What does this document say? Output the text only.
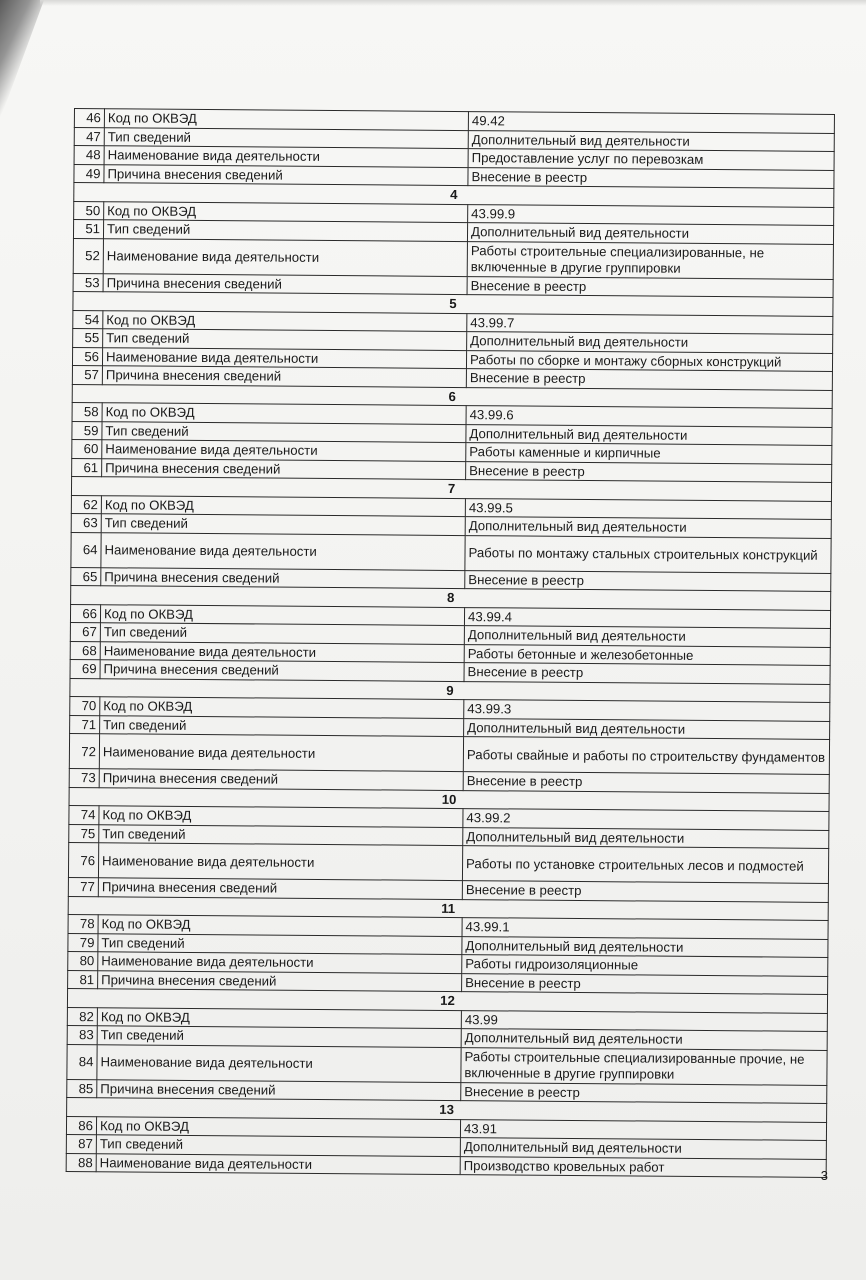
46	Код по ОКВЭД	49.42
47	Тип сведений	Дополнительный вид деятельности
48	Наименование вида деятельности	Предоставление услуг по перевозкам
49	Причина внесения сведений	Внесение в реестр
4		
50	Код по ОКВЭД	43.99.9
51	Тип сведений	Дополнительный вид деятельности
52	Наименование вида деятельности	Работы строительные специализированные, не включенные в другие группировки
53	Причина внесения сведений	Внесение в реестр
5		
54	Код по ОКВЭД	43.99.7
55	Тип сведений	Дополнительный вид деятельности
56	Наименование вида деятельности	Работы по сборке и монтажу сборных конструкций
57	Причина внесения сведений	Внесение в реестр
6		
58	Код по ОКВЭД	43.99.6
59	Тип сведений	Дополнительный вид деятельности
60	Наименование вида деятельности	Работы каменные и кирпичные
61	Причина внесения сведений	Внесение в реестр
7		
62	Код по ОКВЭД	43.99.5
63	Тип сведений	Дополнительный вид деятельности
64	Наименование вида деятельности	Работы по монтажу стальных строительных конструкций
65	Причина внесения сведений	Внесение в реестр
8		
66	Код по ОКВЭД	43.99.4
67	Тип сведений	Дополнительный вид деятельности
68	Наименование вида деятельности	Работы бетонные и железобетонные
69	Причина внесения сведений	Внесение в реестр
9		
70	Код по ОКВЭД	43.99.3
71	Тип сведений	Дополнительный вид деятельности
72	Наименование вида деятельности	Работы свайные и работы по строительству фундаментов
73	Причина внесения сведений	Внесение в реестр
10		
74	Код по ОКВЭД	43.99.2
75	Тип сведений	Дополнительный вид деятельности
76	Наименование вида деятельности	Работы по установке строительных лесов и подмостей
77	Причина внесения сведений	Внесение в реестр
11		
78	Код по ОКВЭД	43.99.1
79	Тип сведений	Дополнительный вид деятельности
80	Наименование вида деятельности	Работы гидроизоляционные
81	Причина внесения сведений	Внесение в реестр
12		
82	Код по ОКВЭД	43.99
83	Тип сведений	Дополнительный вид деятельности
84	Наименование вида деятельности	Работы строительные специализированные прочие, не включенные в другие группировки
85	Причина внесения сведений	Внесение в реестр
13		
86	Код по ОКВЭД	43.91
87	Тип сведений	Дополнительный вид деятельности
88	Наименование вида деятельности	Производство кровельных работ
3
